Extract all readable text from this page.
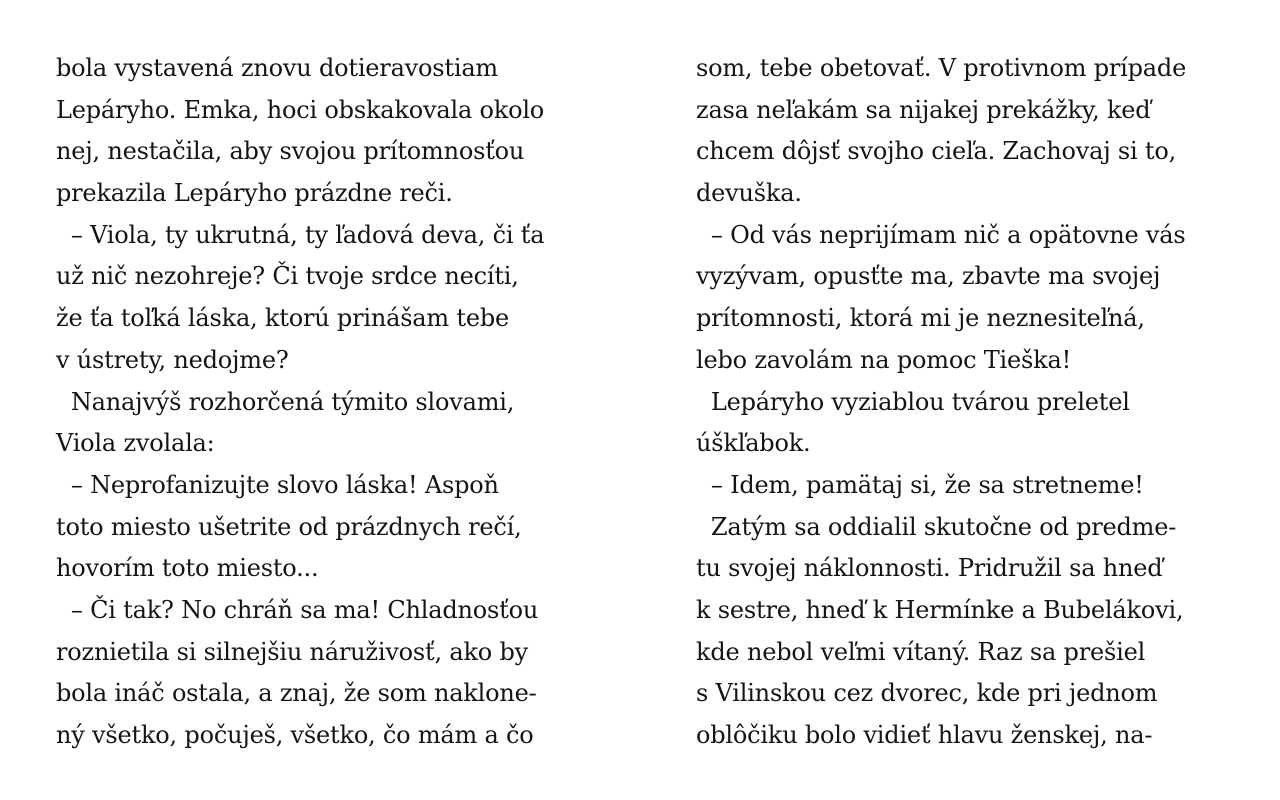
bola vystavená znovu dotieravostiam
Lepáryho. Emka, hoci obskakovala okolo
nej, nestačila, aby svojou prítomnosťou
prekazila Lepáryho prázdne reči.
– Viola, ty ukrutná, ty ľadová deva, či ťa
už nič nezohreje? Či tvoje srdce necíti,
že ťa toľká láska, ktorú prinášam tebe
v ústrety, nedojme?
Nanajvýš rozhorčená týmito slovami,
Viola zvolala:
– Neprofanizujte slovo láska! Aspoň
toto miesto ušetrite od prázdnych rečí,
hovorím toto miesto...
– Či tak? No chráň sa ma! Chladnosťou
roznietila si silnejšiu náruživosť, ako by
bola ináč ostala, a znaj, že som naklone-
ný všetko, počuješ, všetko, čo mám a čo
som, tebe obetovať. V protivnom prípade
zasa neľakám sa nijakej prekážky, keď
chcem dôjsť svojho cieľa. Zachovaj si to,
devuška.
– Od vás neprijímam nič a opätovne vás
vyzývam, opusťte ma, zbavte ma svojej
prítomnosti, ktorá mi je neznesiteľná,
lebo zavolám na pomoc Tieška!
Lepáryho vyziablou tvárou preletel
úškľabok.
– Idem, pamätaj si, že sa stretneme!
Zatým sa oddialil skutočne od predme-
tu svojej náklonnosti. Pridružil sa hneď
k sestre, hneď k Hermínke a Bubelákovi,
kde nebol veľmi vítaný. Raz sa prešiel
s Vilinskou cez dvorec, kde pri jednom
oblôčiku bolo vidieť hlavu ženskej, na-
